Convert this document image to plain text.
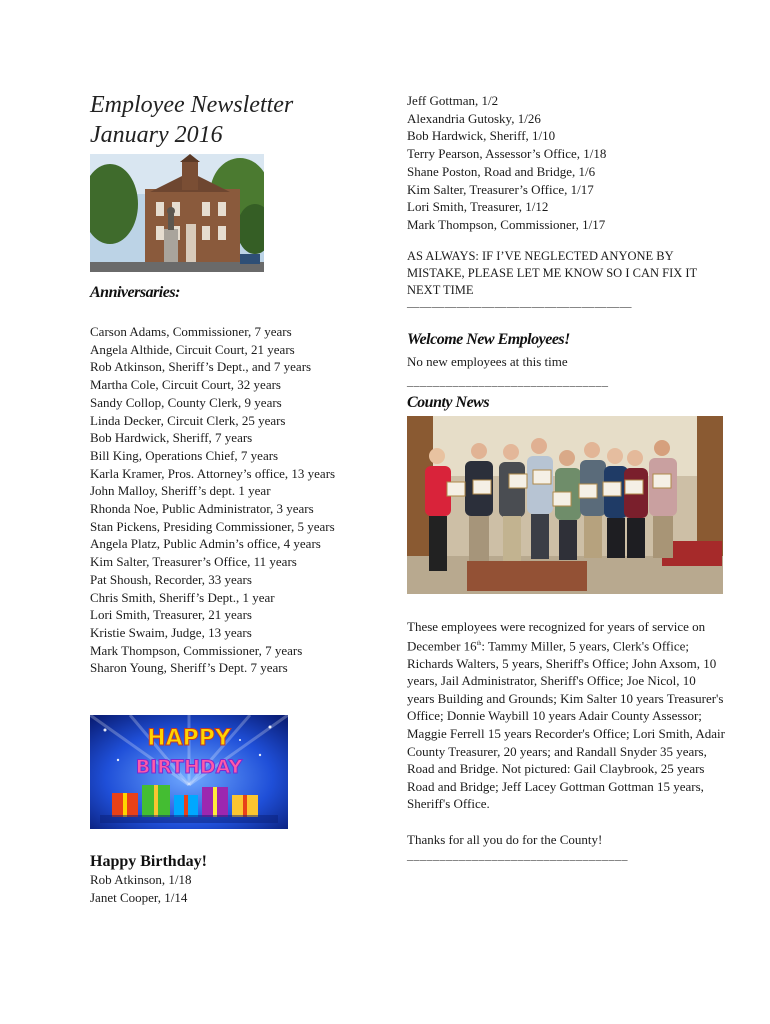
Employee Newsletter
January 2016
Anniversaries:
Carson Adams, Commissioner, 7 years
Angela Althide, Circuit Court, 21 years
Rob Atkinson, Sheriff’s Dept., and 7 years
Martha Cole, Circuit Court, 32 years
Sandy Collop, County Clerk, 9 years
Linda Decker, Circuit Clerk, 25 years
Bob Hardwick, Sheriff, 7 years
Bill King, Operations Chief, 7 years
Karla Kramer, Pros. Attorney’s office, 13 years
John Malloy, Sheriff’s dept. 1 year
Rhonda Noe, Public Administrator, 3 years
Stan Pickens, Presiding Commissioner, 5 years
Angela Platz, Public Admin’s office, 4 years
Kim Salter, Treasurer’s Office, 11 years
Pat Shoush, Recorder, 33 years
Chris Smith, Sheriff’s Dept., 1 year
Lori Smith, Treasurer, 21 years
Kristie Swaim, Judge, 13 years
Mark Thompson, Commissioner, 7 years
Sharon Young, Sheriff’s Dept. 7 years
HAPPY
BIRTHDAY
Happy Birthday!
Rob Atkinson, 1/18
Janet Cooper, 1/14
Jeff Gottman, 1/2
Alexandria Gutosky, 1/26
Bob Hardwick, Sheriff, 1/10
Terry Pearson, Assessor’s Office, 1/18
Shane Poston, Road and Bridge, 1/6
Kim Salter, Treasurer’s Office, 1/17
Lori Smith, Treasurer, 1/12
Mark Thompson, Commissioner, 1/17

AS ALWAYS: IF I’VE NEGLECTED ANYONE BY MISTAKE, PLEASE LET ME KNOW SO I CAN FIX IT NEXT TIME

——————————————————
Welcome New Employees!

No new employees at this time

_______________________________
County News

These employees were recognized for years of service on December 16th: Tammy Miller, 5 years, Clerk's Office; Richards Walters, 5 years, Sheriff's Office; John Axsom, 10 years, Jail Administrator, Sheriff's Office; Joe Nicol, 10 years Building and Grounds; Kim Salter 10 years Treasurer's Office; Donnie Waybill 10 years Adair County Assessor; Maggie Ferrell 15 years Recorder's Office; Lori Smith, Adair County Treasurer, 20 years; and Randall Snyder 35 years, Road and Bridge. Not pictured: Gail Claybrook, 25 years Road and Bridge; Jeff Lacey Gottman Gottman 15 years, Sheriff's Office.

Thanks for all you do for the County!

__________________________________
